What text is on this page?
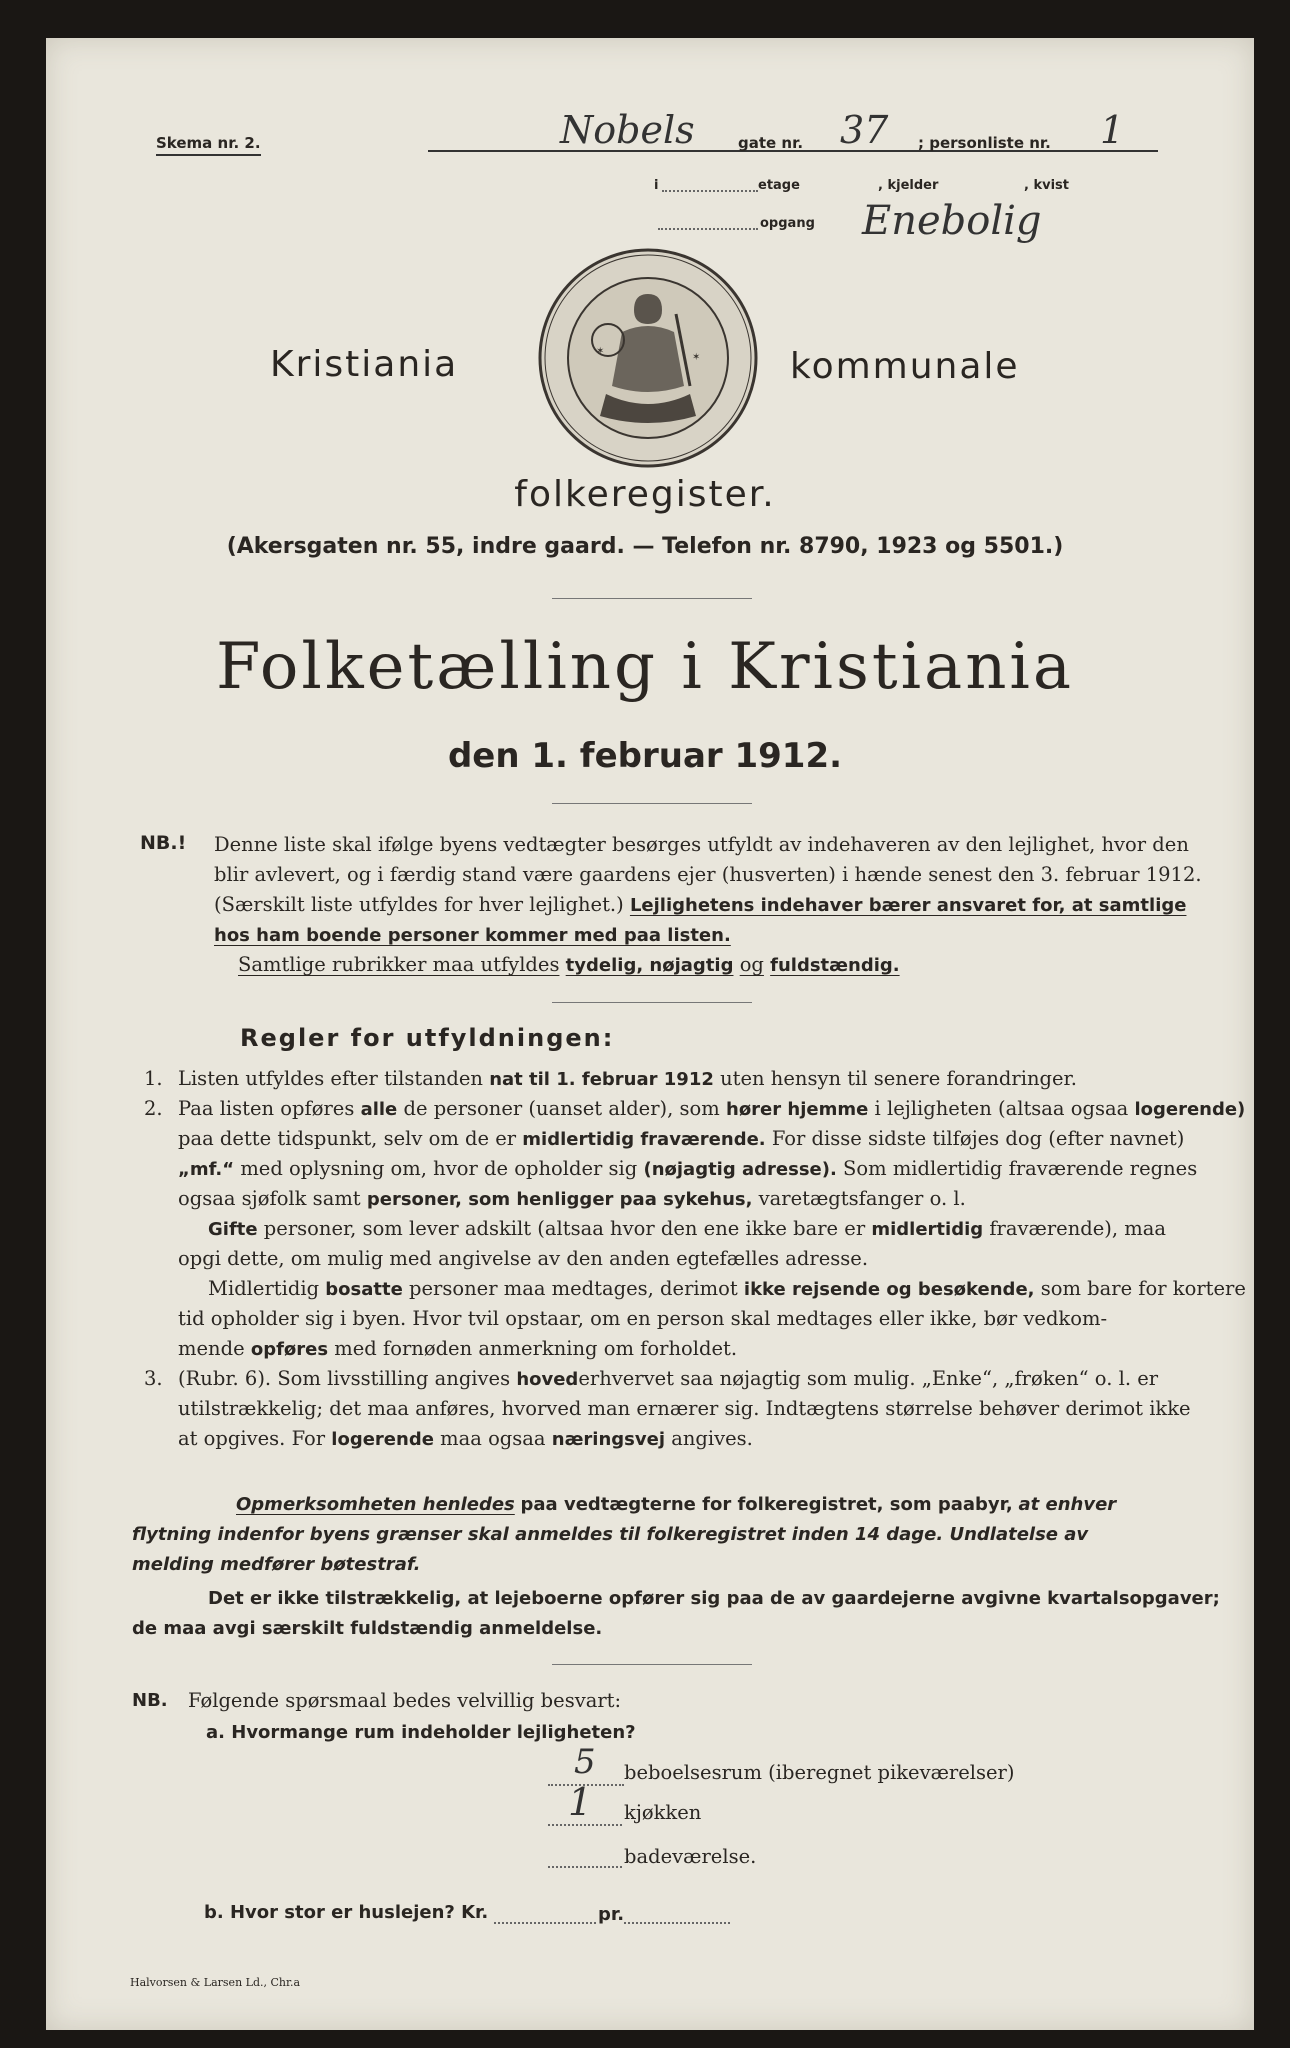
Skema nr. 2.	Nobels	gate nr. 37 ; personliste nr. 1
i	etage	, kjelder	, kvist
opgang Enebolig
✶
✶
Kristiania	kommunale
folkeregister.
(Akersgaten nr. 55, indre gaard. — Telefon nr. 8790, 1923 og 5501.)
Folketælling i Kristiania
den 1. februar 1912.
NB.! Denne liste skal ifølge byens vedtægter besørges utfyldt av indehaveren av den lejlighet, hvor den
blir avlevert, og i færdig stand være gaardens ejer (husverten) i hænde senest den 3. februar 1912.
(Særskilt liste utfyldes for hver lejlighet.) Lejlighetens indehaver bærer ansvaret for, at samtlige
hos ham boende personer kommer med paa listen.
Samtlige rubrikker maa utfyldes tydelig, nøjagtig og fuldstændig.
Regler for utfyldningen:
1. Listen utfyldes efter tilstanden nat til 1. februar 1912 uten hensyn til senere forandringer.
2. Paa listen opføres alle de personer (uanset alder), som hører hjemme i lejligheten (altsaa ogsaa logerende)
paa dette tidspunkt, selv om de er midlertidig fraværende. For disse sidste tilføjes dog (efter navnet)
„mf.“ med oplysning om, hvor de opholder sig (nøjagtig adresse). Som midlertidig fraværende regnes
ogsaa sjøfolk samt personer, som henligger paa sykehus, varetægtsfanger o. l.
Gifte personer, som lever adskilt (altsaa hvor den ene ikke bare er midlertidig fraværende), maa
opgi dette, om mulig med angivelse av den anden egtefælles adresse.
Midlertidig bosatte personer maa medtages, derimot ikke rejsende og besøkende, som bare for kortere
tid opholder sig i byen. Hvor tvil opstaar, om en person skal medtages eller ikke, bør vedkom-
mende opføres med fornøden anmerkning om forholdet.
3. (Rubr. 6). Som livsstilling angives hovederhvervet saa nøjagtig som mulig. „Enke“, „frøken“ o. l. er
utilstrækkelig; det maa anføres, hvorved man ernærer sig. Indtægtens størrelse behøver derimot ikke
at opgives. For logerende maa ogsaa næringsvej angives.
Opmerksomheten henledes paa vedtægterne for folkeregistret, som paabyr, at enhver
flytning indenfor byens grænser skal anmeldes til folkeregistret inden 14 dage. Undlatelse av
melding medfører bøtestraf.
Det er ikke tilstrækkelig, at lejeboerne opfører sig paa de av gaardejerne avgivne kvartalsopgaver;
de maa avgi særskilt fuldstændig anmeldelse.
NB. Følgende spørsmaal bedes velvillig besvart:
a. Hvormange rum indeholder lejligheten?
5 beboelsesrum (iberegnet pikeværelser)
1 kjøkken
badeværelse.
b. Hvor stor er huslejen? Kr.	pr.
Halvorsen & Larsen Ld., Chr.a
